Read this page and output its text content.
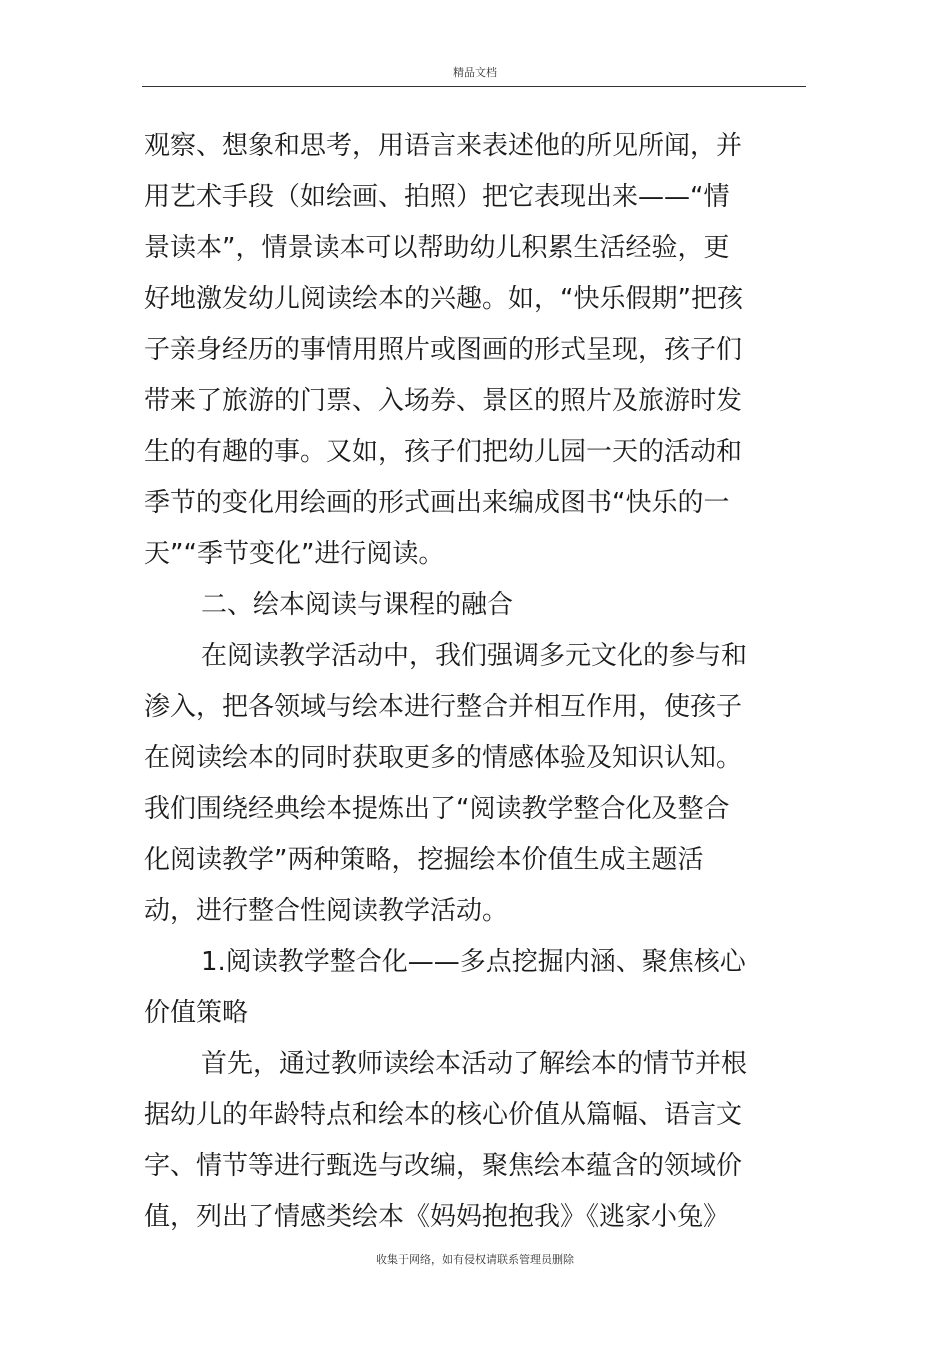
精品文档
观察、想象和思考，用语言来表述他的所见所闻，并
用艺术手段（如绘画、拍照）把它表现出来——“情
景读本”，情景读本可以帮助幼儿积累生活经验，更
好地激发幼儿阅读绘本的兴趣。如，“快乐假期”把孩
子亲身经历的事情用照片或图画的形式呈现，孩子们
带来了旅游的门票、入场券、景区的照片及旅游时发
生的有趣的事。又如，孩子们把幼儿园一天的活动和
季节的变化用绘画的形式画出来编成图书“快乐的一
天”“季节变化”进行阅读。
二、绘本阅读与课程的融合
在阅读教学活动中，我们强调多元文化的参与和
渗入，把各领域与绘本进行整合并相互作用，使孩子
在阅读绘本的同时获取更多的情感体验及知识认知。
我们围绕经典绘本提炼出了“阅读教学整合化及整合
化阅读教学”两种策略，挖掘绘本价值生成主题活
动，进行整合性阅读教学活动。
1.阅读教学整合化——多点挖掘内涵、聚焦核心
价值策略
首先，通过教师读绘本活动了解绘本的情节并根
据幼儿的年龄特点和绘本的核心价值从篇幅、语言文
字、情节等进行甄选与改编，聚焦绘本蕴含的领域价
值，列出了情感类绘本《妈妈抱抱我》《逃家小兔》
收集于网络，如有侵权请联系管理员删除
